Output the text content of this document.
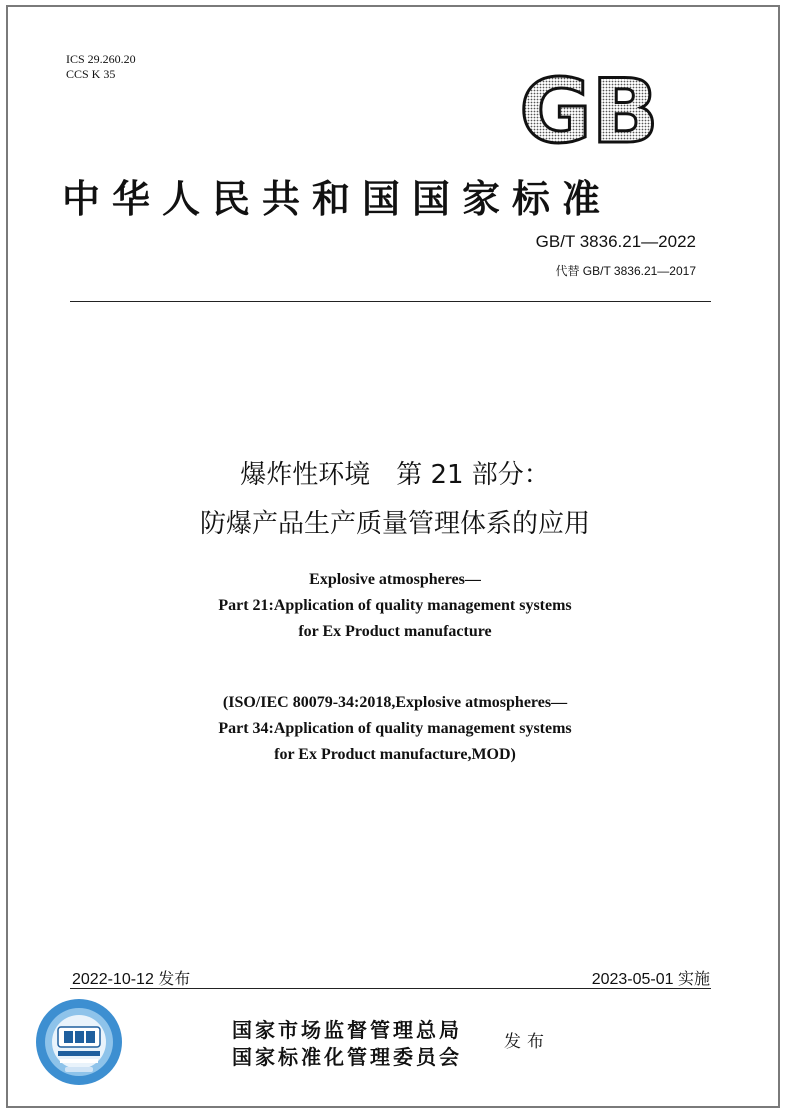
ICS 29.260.20
CCS K 35	GB
中华人民共和国国家标准
GB/T 3836.21—2022
代替 GB/T 3836.21—2017
爆炸性环境　第 21 部分：
防爆产品生产质量管理体系的应用
Explosive atmospheres—
Part 21:Application of quality management systems
for Ex Product manufacture
(ISO/IEC 80079-34:2018,Explosive atmospheres—
Part 34:Application of quality management systems
for Ex Product manufacture,MOD)
2022-10-12 发布	2023-05-01 实施
国家市场监督管理总局
国家标准化管理委员会
发布
